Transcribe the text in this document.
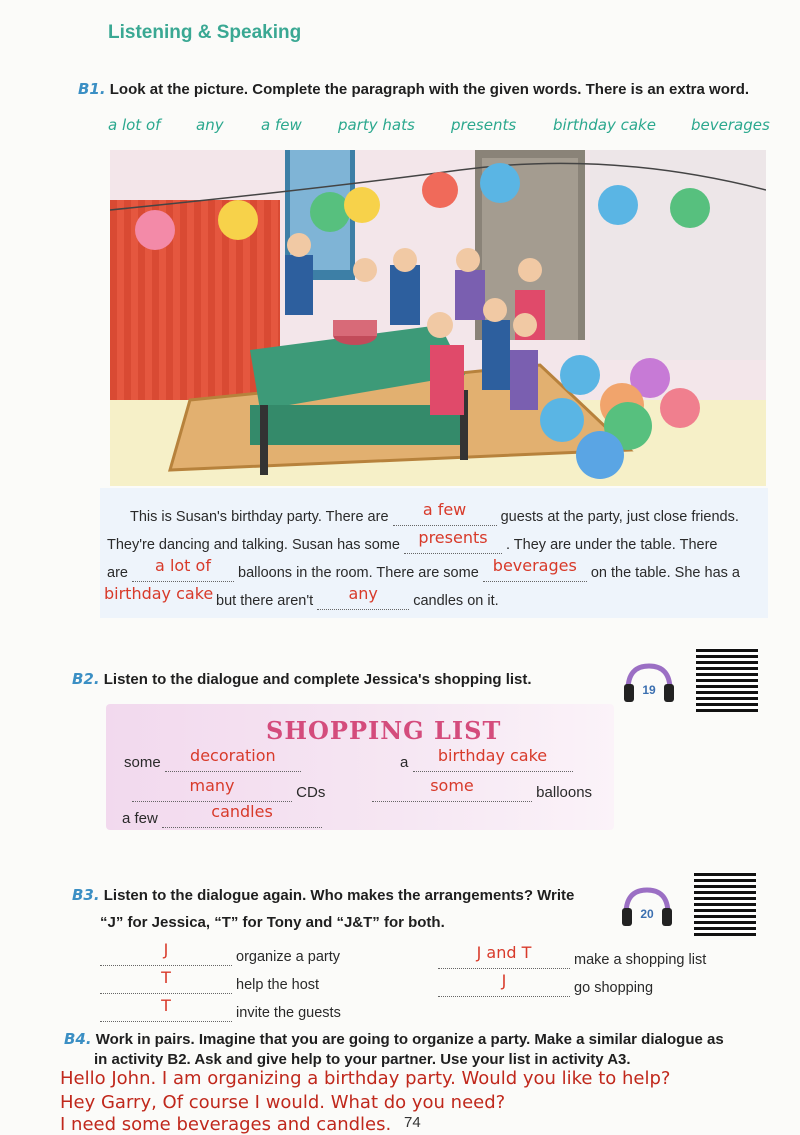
Listening & Speaking
B1. Look at the picture. Complete the paragraph with the given words. There is an extra word.
a lot of any a few party hats presents birthday cake beverages
This is Susan's birthday party. There are a few guests at the party, just close friends.
They're dancing and talking. Susan has some presents . They are under the table. There
are a lot of balloons in the room. There are some beverages on the table. She has a
birthday cake but there aren't any candles on it.
B2. Listen to the dialogue and complete Jessica's shopping list.
19
SHOPPING LIST
some decoration	a birthday cake
many	CDs	some	balloons
a few	candles
B3. Listen to the dialogue again. Who makes the arrangements? Write
“J” for Jessica, “T” for Tony and “J&T” for both.	20
J	organize a party	J and T	make a shopping list
T	help the host	J	go shopping
T	invite the guests
B4. Work in pairs. Imagine that you are going to organize a party. Make a similar dialogue as
in activity B2. Ask and give help to your partner. Use your list in activity A3.
Hello John. I am organizing a birthday party. Would you like to help?
Hey Garry, Of course I would. What do you need?
I need some beverages and candles. 74
